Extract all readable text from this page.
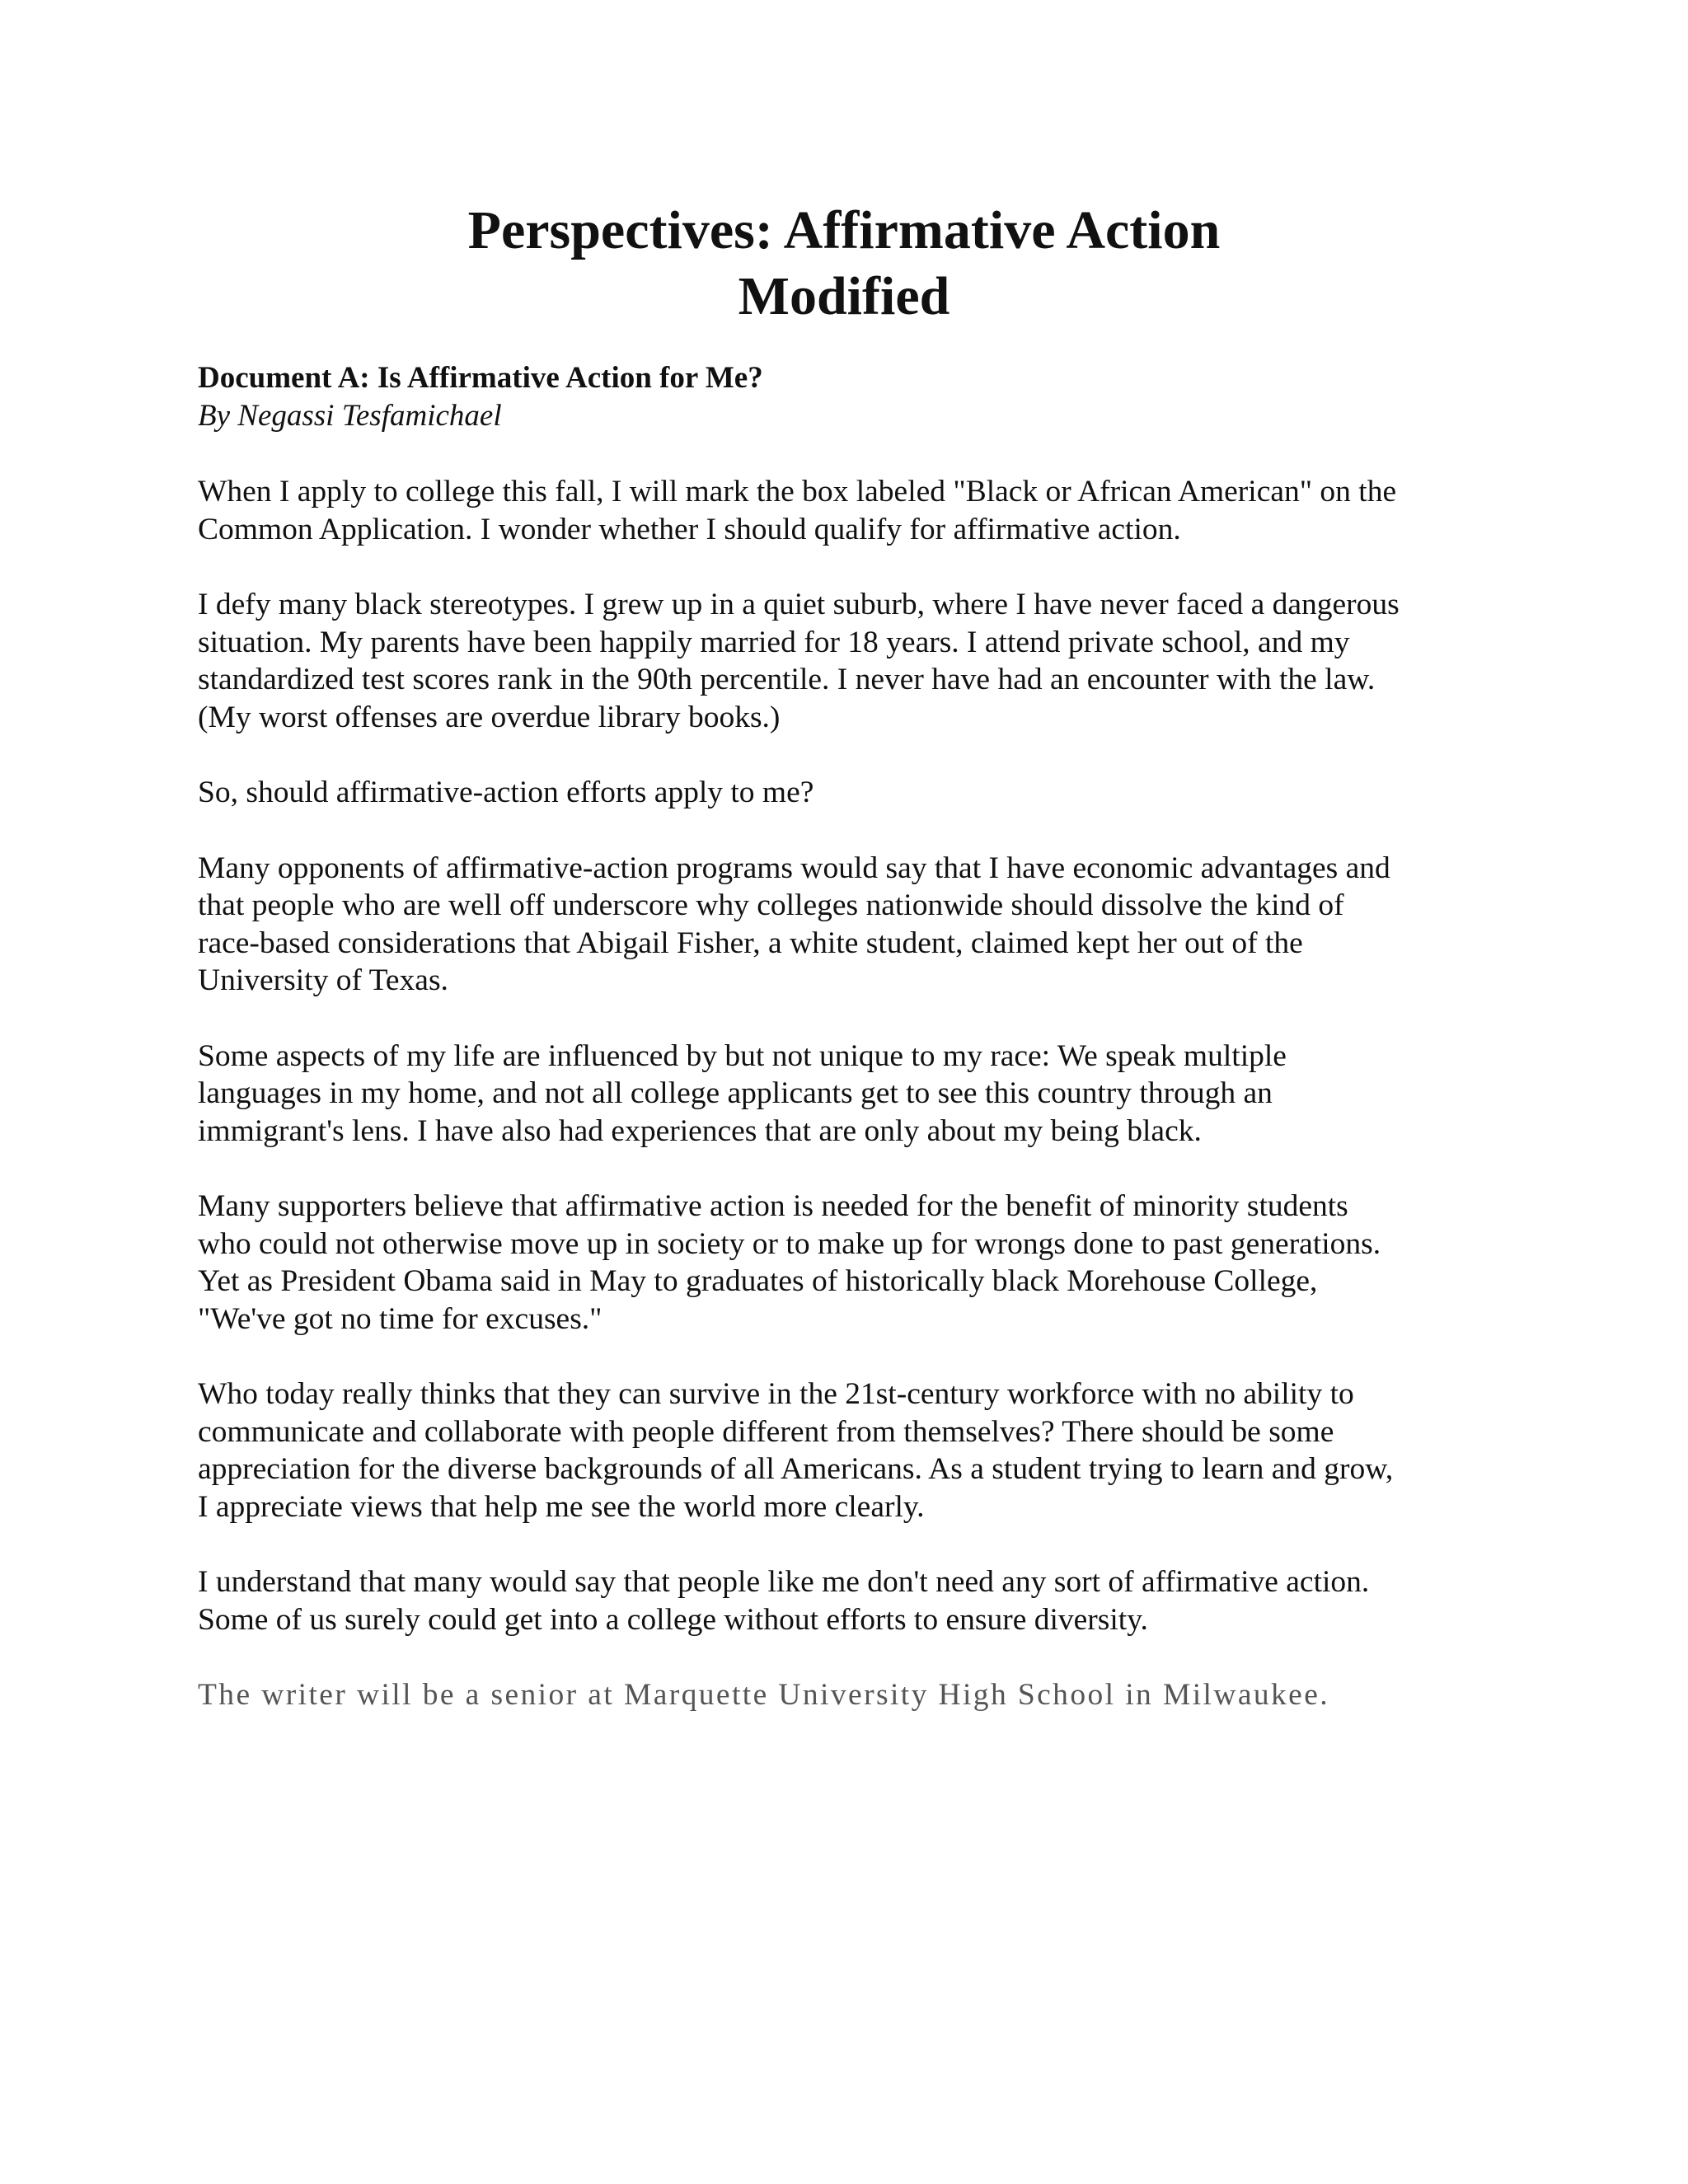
Perspectives: Affirmative Action
Modified
Document A: Is Affirmative Action for Me?
By Negassi Tesfamichael
When I apply to college this fall, I will mark the box labeled "Black or African American" on the
Common Application. I wonder whether I should qualify for affirmative action.
I defy many black stereotypes. I grew up in a quiet suburb, where I have never faced a dangerous
situation. My parents have been happily married for 18 years. I attend private school, and my
standardized test scores rank in the 90th percentile. I never have had an encounter with the law.
(My worst offenses are overdue library books.)
So, should affirmative-action efforts apply to me?
Many opponents of affirmative-action programs would say that I have economic advantages and
that people who are well off underscore why colleges nationwide should dissolve the kind of
race-based considerations that Abigail Fisher, a white student, claimed kept her out of the
University of Texas.
Some aspects of my life are influenced by but not unique to my race: We speak multiple
languages in my home, and not all college applicants get to see this country through an
immigrant's lens. I have also had experiences that are only about my being black.
Many supporters believe that affirmative action is needed for the benefit of minority students
who could not otherwise move up in society or to make up for wrongs done to past generations.
Yet as President Obama said in May to graduates of historically black Morehouse College,
"We've got no time for excuses."
Who today really thinks that they can survive in the 21st-century workforce with no ability to
communicate and collaborate with people different from themselves? There should be some
appreciation for the diverse backgrounds of all Americans. As a student trying to learn and grow,
I appreciate views that help me see the world more clearly.
I understand that many would say that people like me don't need any sort of affirmative action.
Some of us surely could get into a college without efforts to ensure diversity.
The writer will be a senior at Marquette University High School in Milwaukee.
